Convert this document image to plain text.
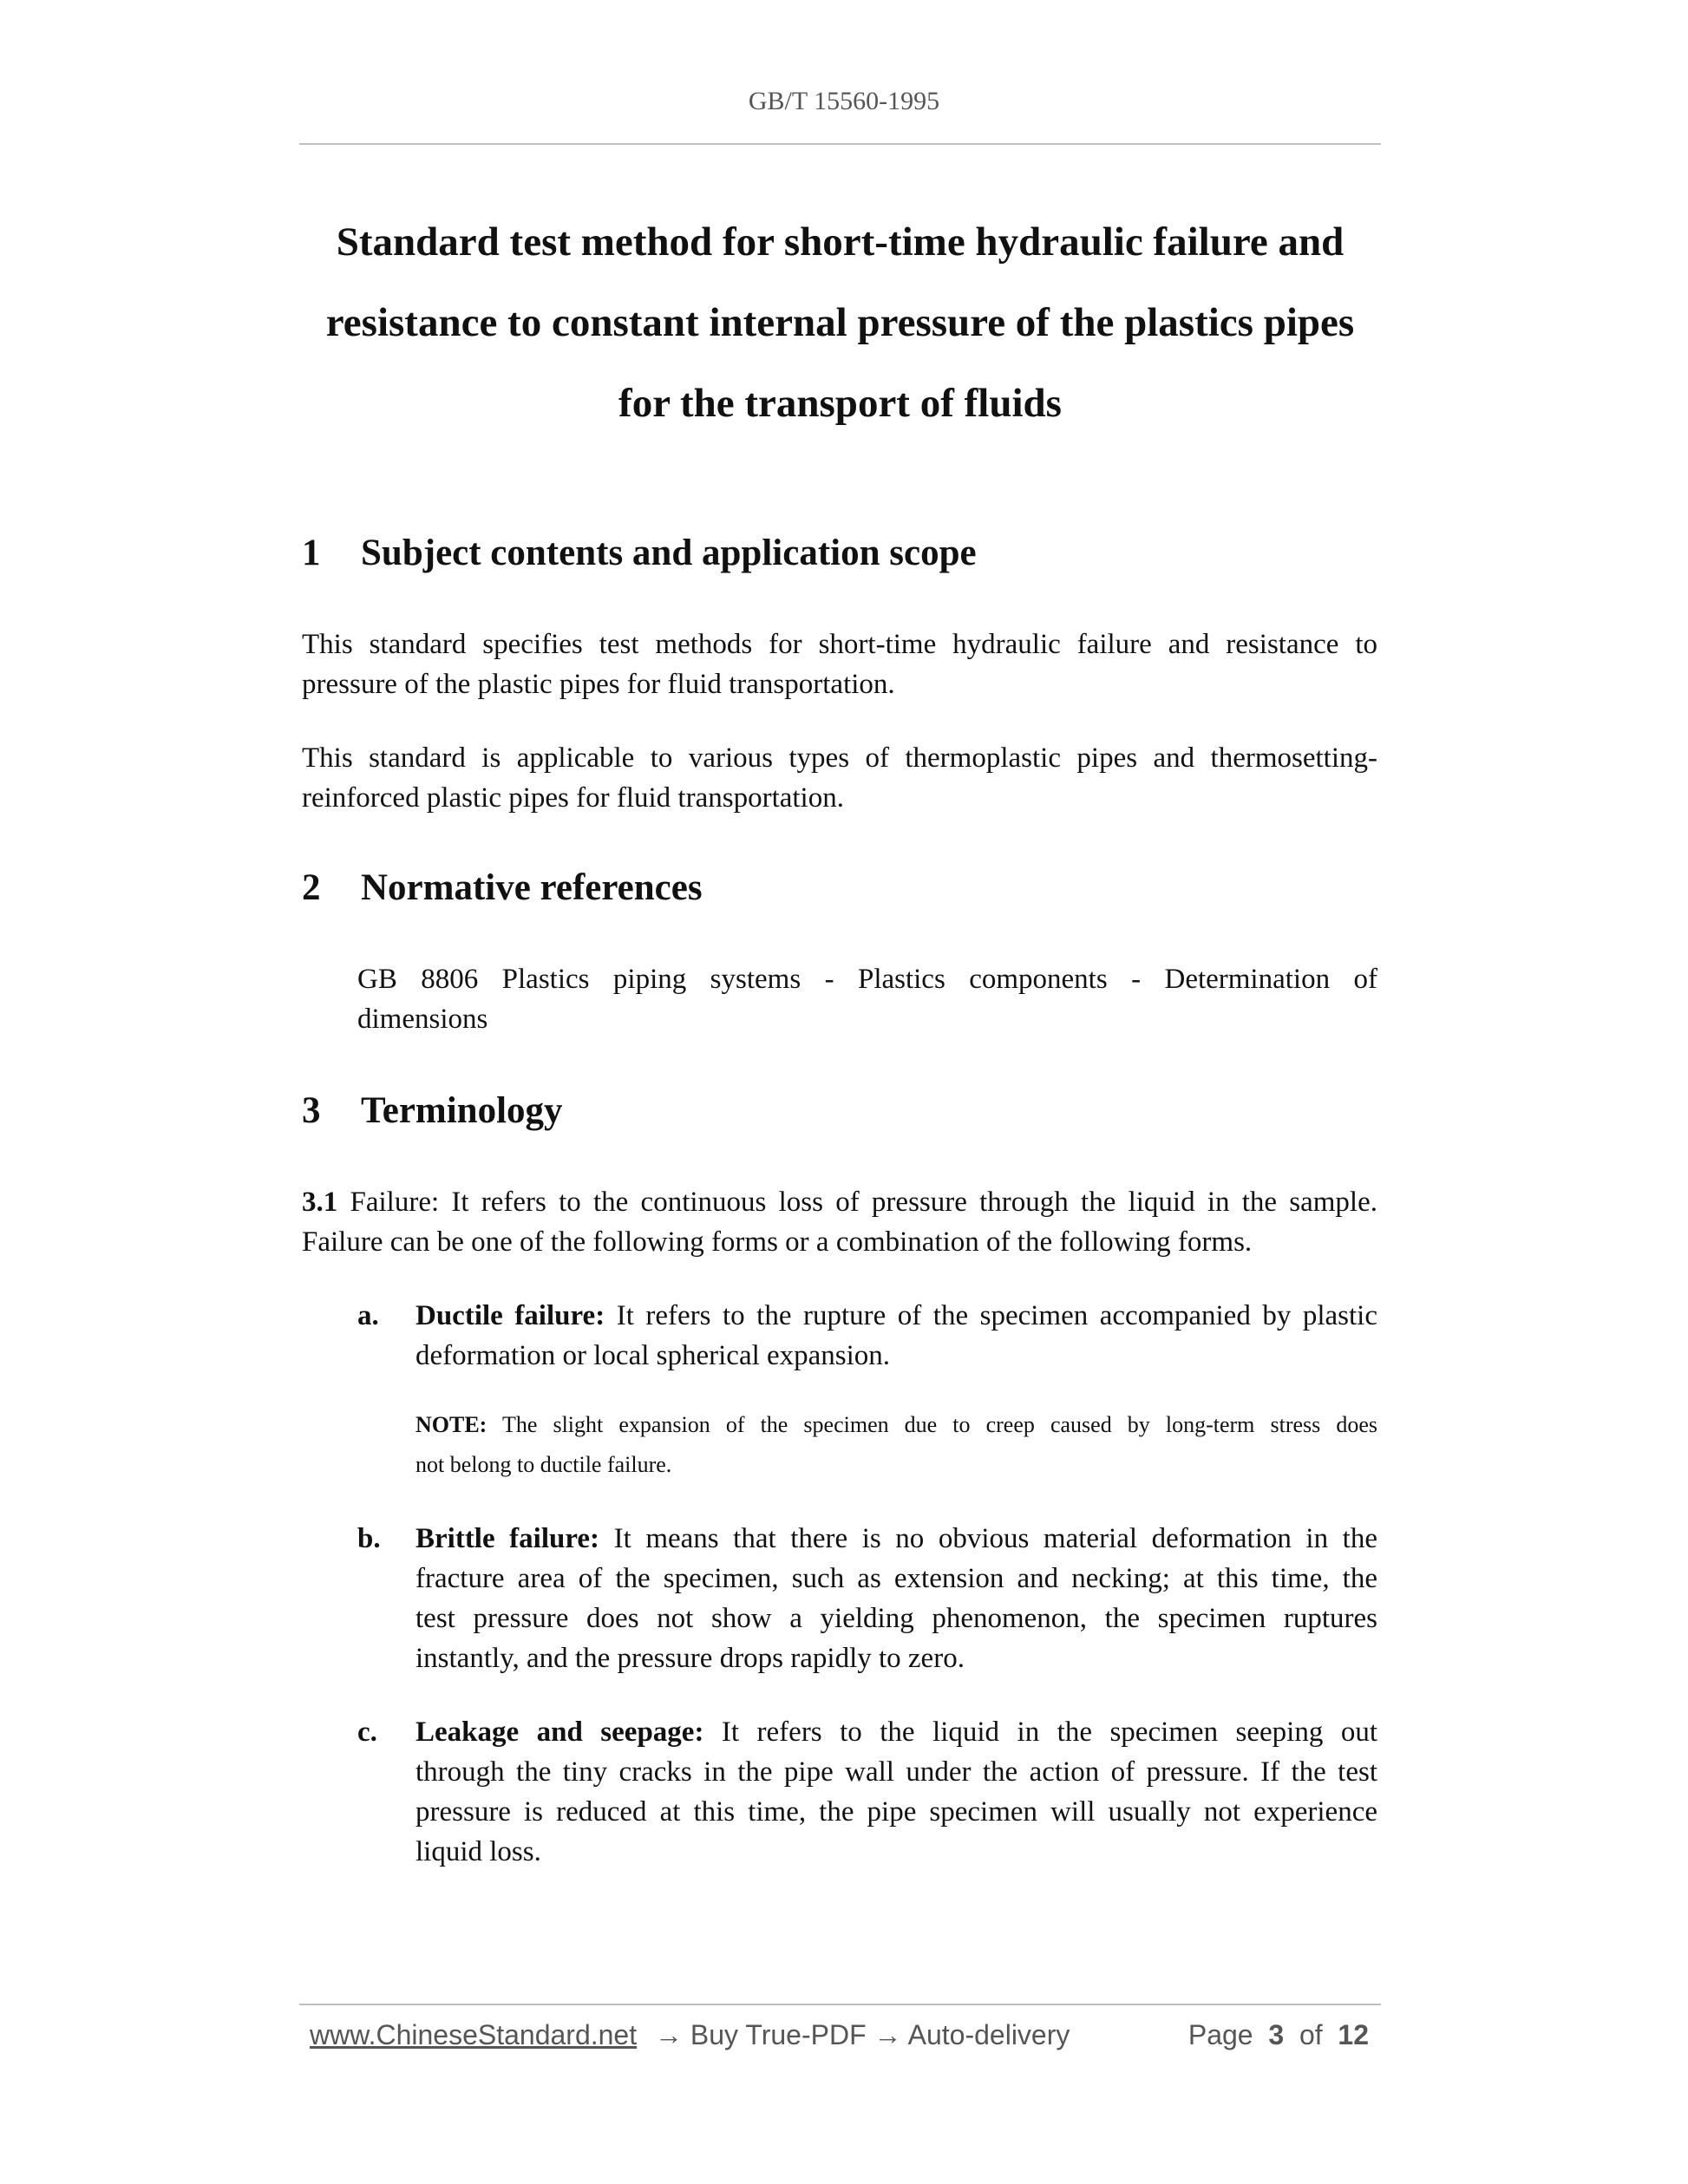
GB/T 15560-1995
Standard test method for short-time hydraulic failure and
resistance to constant internal pressure of the plastics pipes
for the transport of fluids
1 Subject contents and application scope
This standard specifies test methods for short-time hydraulic failure and resistance to
pressure of the plastic pipes for fluid transportation.
This standard is applicable to various types of thermoplastic pipes and thermosetting-
reinforced plastic pipes for fluid transportation.
2 Normative references
GB 8806 Plastics piping systems - Plastics components - Determination of
dimensions
3 Terminology
3.1 Failure: It refers to the continuous loss of pressure through the liquid in the sample.
Failure can be one of the following forms or a combination of the following forms.
a. Ductile failure: It refers to the rupture of the specimen accompanied by plastic
deformation or local spherical expansion.
NOTE: The slight expansion of the specimen due to creep caused by long-term stress does
not belong to ductile failure.
b. Brittle failure: It means that there is no obvious material deformation in the
fracture area of the specimen, such as extension and necking; at this time, the
test pressure does not show a yielding phenomenon, the specimen ruptures
instantly, and the pressure drops rapidly to zero.
c. Leakage and seepage: It refers to the liquid in the specimen seeping out
through the tiny cracks in the pipe wall under the action of pressure. If the test
pressure is reduced at this time, the pipe specimen will usually not experience
liquid loss.
www.ChineseStandard.net → Buy True-PDF → Auto-delivery	Page 3 of 12
